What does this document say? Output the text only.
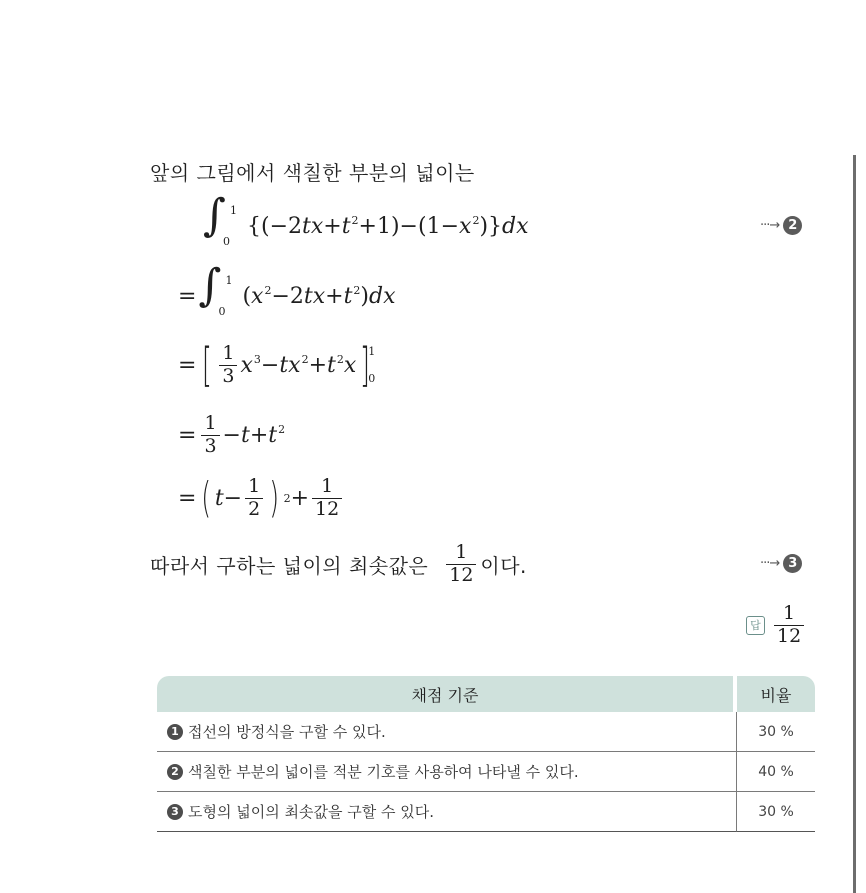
앞의 그림에서 색칠한 부분의 넓이는
∫ 1
0
$\{(-2tx+t^2+1)-(1-x^2)\}dx$	···→ 2
= ∫ 1
0
$(x^2-2tx+t^2)dx$
= [ $\frac{1}{3} x^3-tx^2+t^2x$ ]
1
0
= $\frac{1}{3} -t+t^2$
= ( $t- \frac{1}{2}$ ) $2 + \frac{1}{12}$
따라서 구하는 넓이의 최솟값은 $\frac{1}{12}$ 이다.	···→ 3
답 $\frac{1}{12}$
채점 기준	비율

1 접선의 방정식을 구할 수 있다.	30 %

2 색칠한 부분의 넓이를 적분 기호를 사용하여 나타낼 수 있다.	40 %

3 도형의 넓이의 최솟값을 구할 수 있다.	30 %
